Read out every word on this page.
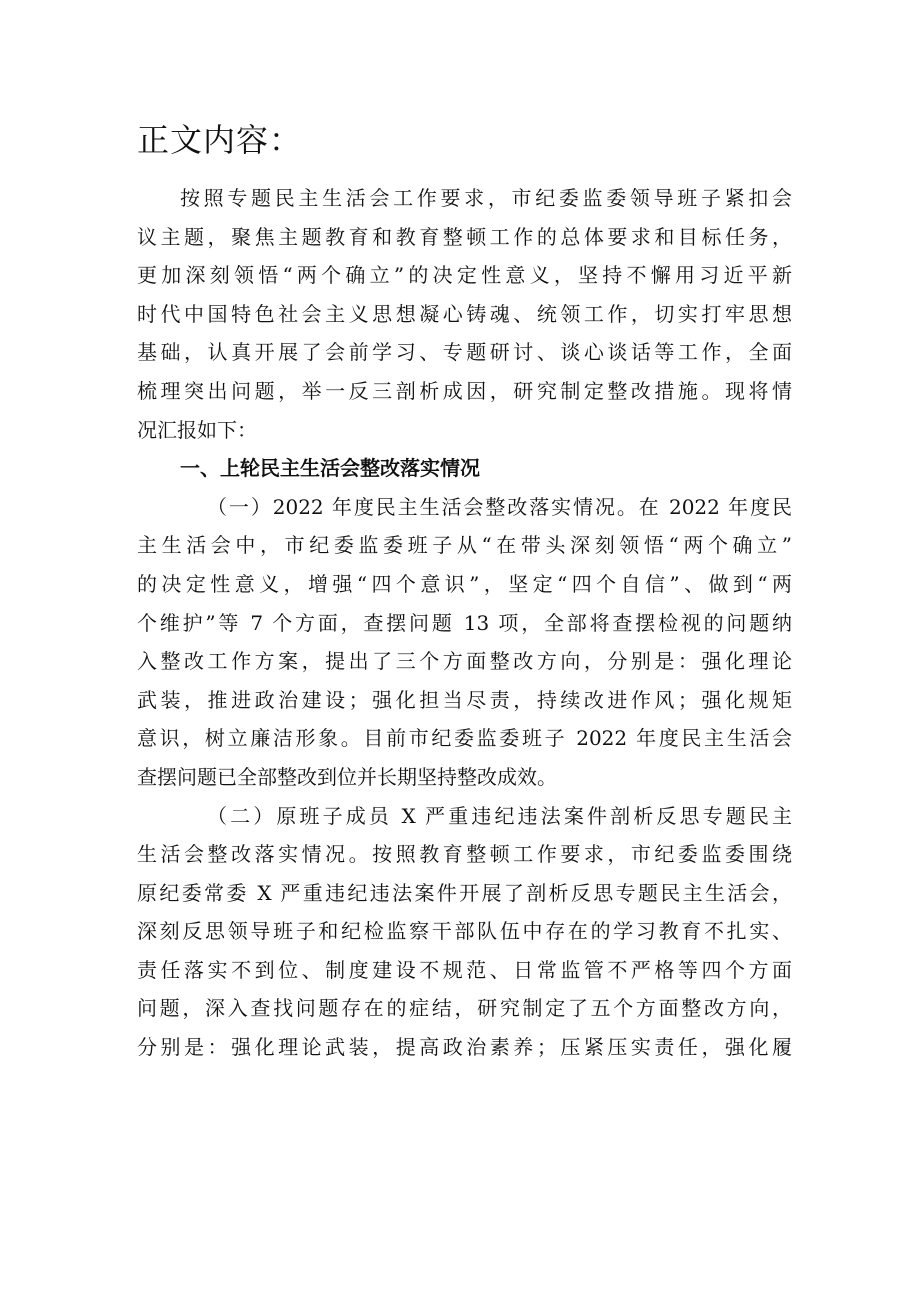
正文内容：
按照专题民主生活会工作要求，市纪委监委领导班子紧扣会
议主题，聚焦主题教育和教育整顿工作的总体要求和目标任务，
更加深刻领悟“两个确立”的决定性意义，坚持不懈用习近平新
时代中国特色社会主义思想凝心铸魂、统领工作，切实打牢思想
基础，认真开展了会前学习、专题研讨、谈心谈话等工作，全面
梳理突出问题，举一反三剖析成因，研究制定整改措施。现将情
况汇报如下：
一、上轮民主生活会整改落实情况
（一）2022 年度民主生活会整改落实情况。在 2022 年度民
主生活会中，市纪委监委班子从“在带头深刻领悟“两个确立”
的决定性意义，增强“四个意识”，坚定“四个自信”、做到“两
个维护”等 7 个方面，查摆问题 13 项，全部将查摆检视的问题纳
入整改工作方案，提出了三个方面整改方向，分别是：强化理论
武装，推进政治建设；强化担当尽责，持续改进作风；强化规矩
意识，树立廉洁形象。目前市纪委监委班子 2022 年度民主生活会
查摆问题已全部整改到位并长期坚持整改成效。
（二）原班子成员 X 严重违纪违法案件剖析反思专题民主
生活会整改落实情况。按照教育整顿工作要求，市纪委监委围绕
原纪委常委 X 严重违纪违法案件开展了剖析反思专题民主生活会，
深刻反思领导班子和纪检监察干部队伍中存在的学习教育不扎实、
责任落实不到位、制度建设不规范、日常监管不严格等四个方面
问题，深入查找问题存在的症结，研究制定了五个方面整改方向，
分别是：强化理论武装，提高政治素养；压紧压实责任，强化履
